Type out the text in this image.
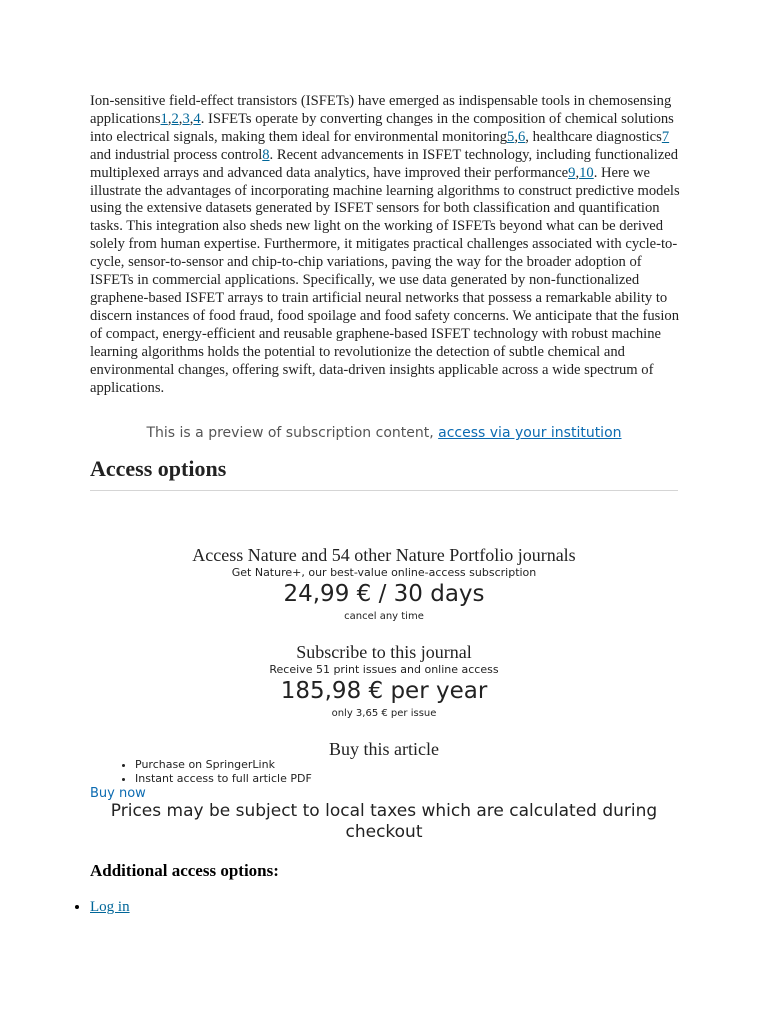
Ion-sensitive field-effect transistors (ISFETs) have emerged as indispensable tools in chemosensing applications1,2,3,4. ISFETs operate by converting changes in the composition of chemical solutions into electrical signals, making them ideal for environmental monitoring5,6, healthcare diagnostics7 and industrial process control8. Recent advancements in ISFET technology, including functionalized multiplexed arrays and advanced data analytics, have improved their performance9,10. Here we illustrate the advantages of incorporating machine learning algorithms to construct predictive models using the extensive datasets generated by ISFET sensors for both classification and quantification tasks. This integration also sheds new light on the working of ISFETs beyond what can be derived solely from human expertise. Furthermore, it mitigates practical challenges associated with cycle-to-cycle, sensor-to-sensor and chip-to-chip variations, paving the way for the broader adoption of ISFETs in commercial applications. Specifically, we use data generated by non-functionalized graphene-based ISFET arrays to train artificial neural networks that possess a remarkable ability to discern instances of food fraud, food spoilage and food safety concerns. We anticipate that the fusion of compact, energy-efficient and reusable graphene-based ISFET technology with robust machine learning algorithms holds the potential to revolutionize the detection of subtle chemical and environmental changes, offering swift, data-driven insights applicable across a wide spectrum of applications.

This is a preview of subscription content, access via your institution
Access options
Access Nature and 54 other Nature Portfolio journals
Get Nature+, our best-value online-access subscription
24,99 € / 30 days
cancel any time
Subscribe to this journal
Receive 51 print issues and online access
185,98 € per year
only 3,65 € per issue
Buy this article
• Purchase on SpringerLink
• Instant access to full article PDF
Buy now
Prices may be subject to local taxes which are calculated during checkout
Additional access options:
• Log in
